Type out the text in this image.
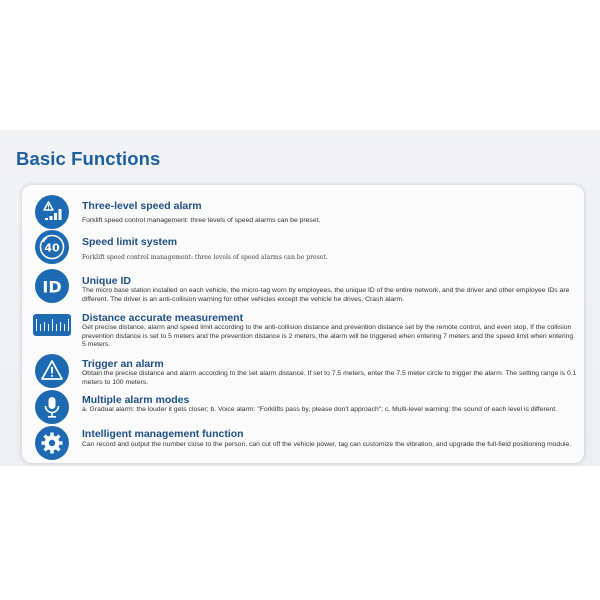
Basic Functions
Three-level speed alarm
Forklift speed control management: three levels of speed alarms can be preset.
40 Speed limit system
Forklift speed control management: three levels of speed alarms can be preset.
ID Unique ID
The micro base station installed on each vehicle, the micro-tag worn by employees, the unique ID of the entire network, and the driver and other employee IDs are different. The driver is an anti-collision warning for other vehicles except the vehicle he drives. Crash alarm.
Distance accurate measurement
Get precise distance, alarm and speed limit according to the anti-collision distance and prevention distance set by the remote control, and even stop. If the collision prevention distance is set to 5 meters and the prevention distance is 2 meters, the alarm will be triggered when entering 7 meters and the speed limit when entering 5 meters.
Trigger an alarm
Obtain the precise distance and alarm according to the set alarm distance. If set to 7.5 meters, enter the 7.5 meter circle to trigger the alarm. The setting range is 0.1 meters to 100 meters.
Multiple alarm modes
a. Gradual alarm: the louder it gets closer; b. Voice alarm: "Forklifts pass by, please don't approach"; c. Multi-level warning: the sound of each level is different.
Intelligent management function
Can record and output the number close to the person, can cut off the vehicle power, tag can customize the vibration, and upgrade the full-field positioning module.
